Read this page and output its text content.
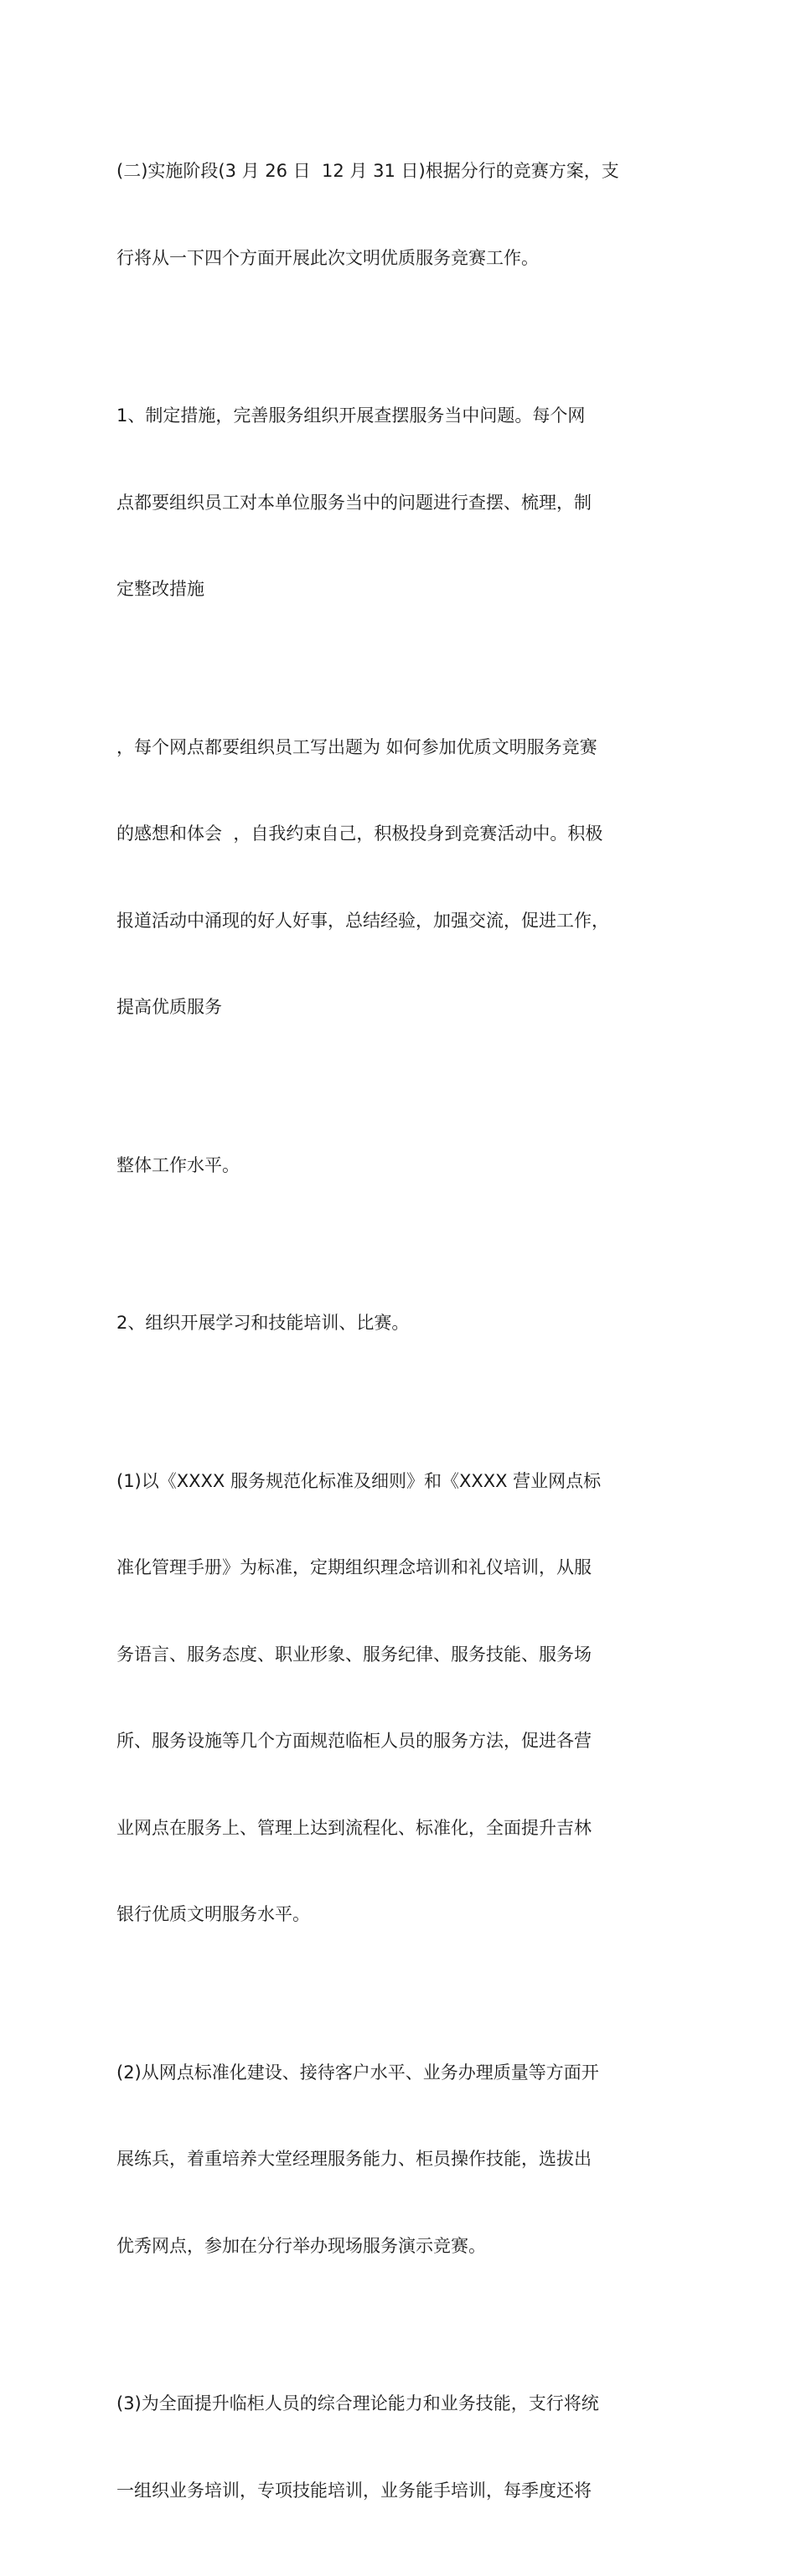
(二)实施阶段(3 月 26 日  12 月 31 日)根据分行的竞赛方案，支

行将从一下四个方面开展此次文明优质服务竞赛工作。

1、制定措施，完善服务组织开展查摆服务当中问题。每个网

点都要组织员工对本单位服务当中的问题进行查摆、梳理，制

定整改措施

，每个网点都要组织员工写出题为 如何参加优质文明服务竞赛

的感想和体会  ，自我约束自己，积极投身到竞赛活动中。积极

报道活动中涌现的好人好事，总结经验，加强交流，促进工作，

提高优质服务

整体工作水平。

2、组织开展学习和技能培训、比赛。

(1)以《XXXX 服务规范化标准及细则》和《XXXX 营业网点标

准化管理手册》为标准，定期组织理念培训和礼仪培训，从服

务语言、服务态度、职业形象、服务纪律、服务技能、服务场

所、服务设施等几个方面规范临柜人员的服务方法，促进各营

业网点在服务上、管理上达到流程化、标准化，全面提升吉林

银行优质文明服务水平。

(2)从网点标准化建设、接待客户水平、业务办理质量等方面开

展练兵，着重培养大堂经理服务能力、柜员操作技能，选拔出

优秀网点，参加在分行举办现场服务演示竞赛。

(3)为全面提升临柜人员的综合理论能力和业务技能，支行将统

一组织业务培训，专项技能培训，业务能手培训，每季度还将
